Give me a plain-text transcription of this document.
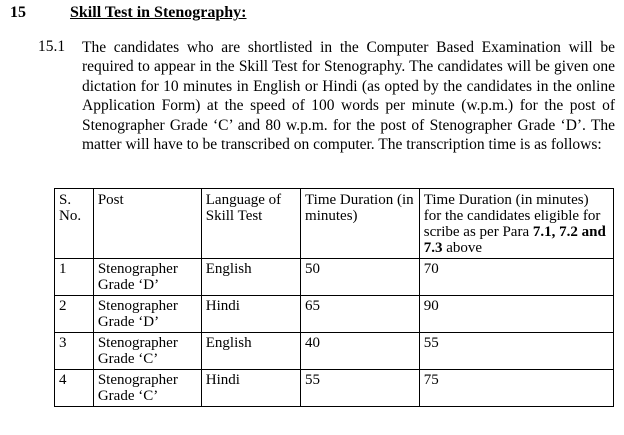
15	Skill Test in Stenography:
15.1 The candidates who are shortlisted in the Computer Based Examination will be required to appear in the Skill Test for Stenography. The candidates will be given one dictation for 10 minutes in English or Hindi (as opted by the candidates in the online Application Form) at the speed of 100 words per minute (w.p.m.) for the post of Stenographer Grade ‘C’ and 80 w.p.m. for the post of Stenographer Grade ‘D’. The matter will have to be transcribed on computer. The transcription time is as follows:
S. No.	Post	Language of Skill Test	Time Duration (in minutes)	Time Duration (in minutes) for the candidates eligible for scribe as per Para 7.1, 7.2 and 7.3 above
1	Stenographer Grade ‘D’	English	50	70
2	Stenographer Grade ‘D’	Hindi	65	90
3	Stenographer Grade ‘C’	English	40	55
4	Stenographer Grade ‘C’	Hindi	55	75
